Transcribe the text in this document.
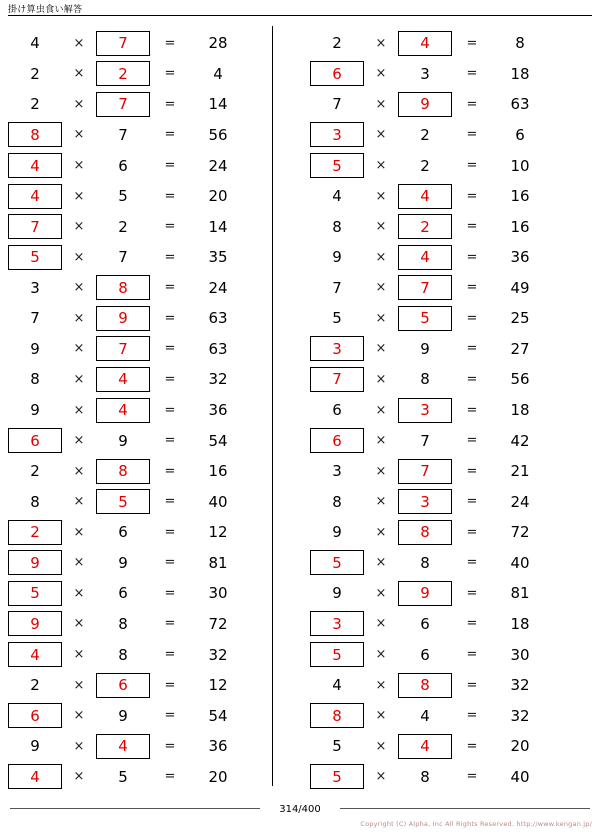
掛け算虫食い解答
4	×	7	=	28
2	×	2	=	4
2	×	7	=	14
8	×	7	=	56
4	×	6	=	24
4	×	5	=	20
7	×	2	=	14
5	×	7	=	35
3	×	8	=	24
7	×	9	=	63
9	×	7	=	63
8	×	4	=	32
9	×	4	=	36
6	×	9	=	54
2	×	8	=	16
8	×	5	=	40
2	×	6	=	12
9	×	9	=	81
5	×	6	=	30
9	×	8	=	72
4	×	8	=	32
2	×	6	=	12
6	×	9	=	54
9	×	4	=	36
4	×	5	=	20
2	×	4	=	8
6	×	3	=	18
7	×	9	=	63
3	×	2	=	6
5	×	2	=	10
4	×	4	=	16
8	×	2	=	16
9	×	4	=	36
7	×	7	=	49
5	×	5	=	25
3	×	9	=	27
7	×	8	=	56
6	×	3	=	18
6	×	7	=	42
3	×	7	=	21
8	×	3	=	24
9	×	8	=	72
5	×	8	=	40
9	×	9	=	81
3	×	6	=	18
5	×	6	=	30
4	×	8	=	32
8	×	4	=	32
5	×	4	=	20
5	×	8	=	40
314/400
Copyright (C) Alpha, Inc All Rights Reserved. http://www.kengan.jp/
